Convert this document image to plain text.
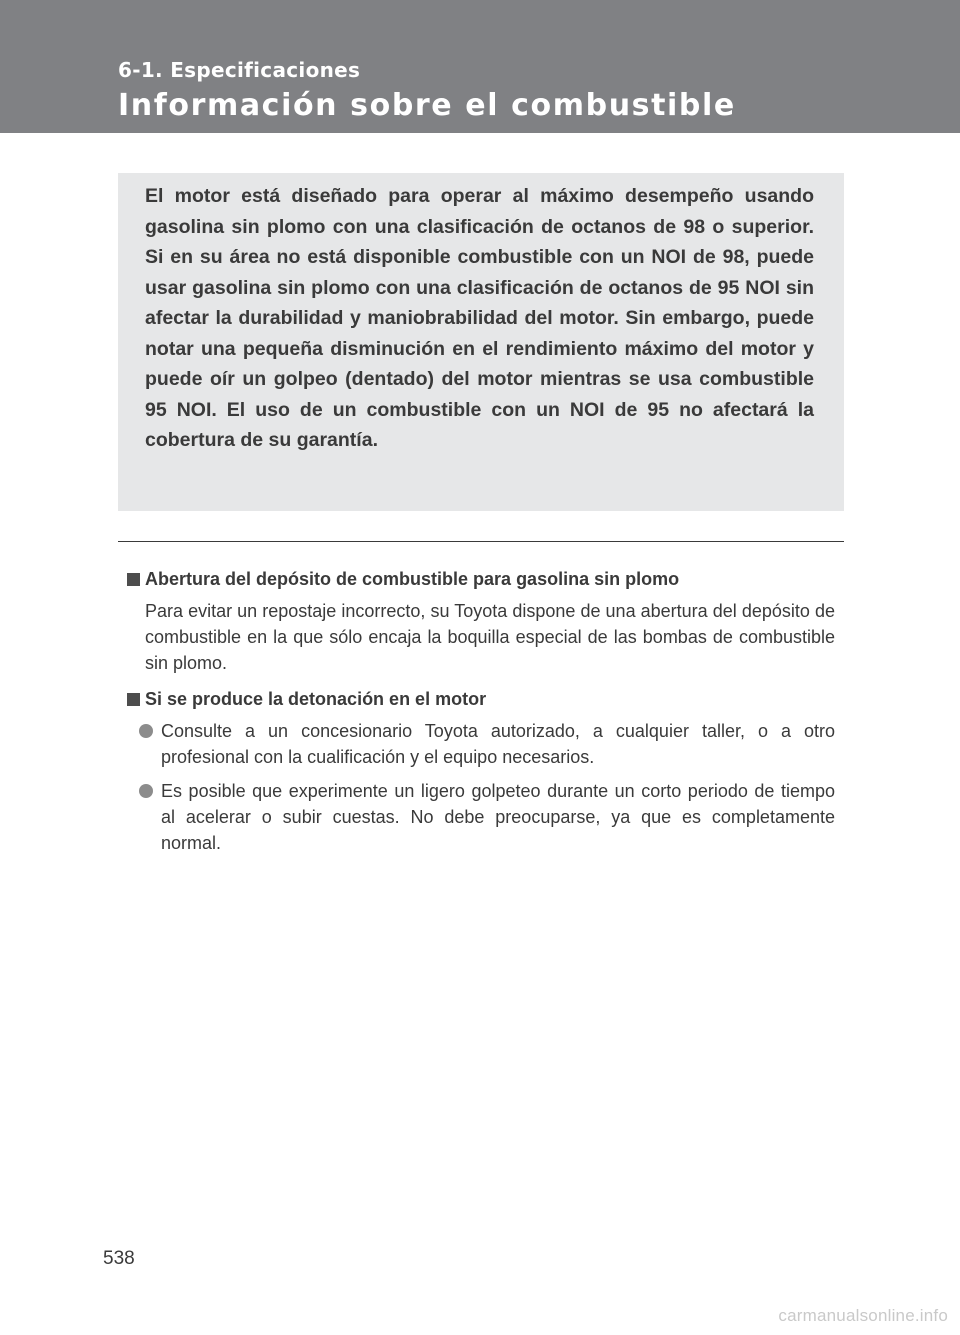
6-1. Especificaciones
Información sobre el combustible

El motor está diseñado para operar al máximo desempeño usando gasolina sin plomo con una clasificación de octanos de 98 o superior. Si en su área no está disponible combustible con un NOI de 98, puede usar gasolina sin plomo con una clasificación de octanos de 95 NOI sin afectar la durabilidad y maniobrabilidad del motor. Sin embargo, puede notar una pequeña disminución en el rendimiento máximo del motor y puede oír un golpeo (dentado) del motor mientras se usa combustible 95 NOI. El uso de un combustible con un NOI de 95 no afectará la cobertura de su garantía.

Abertura del depósito de combustible para gasolina sin plomo

Para evitar un repostaje incorrecto, su Toyota dispone de una abertura del depósito de combustible en la que sólo encaja la boquilla especial de las bombas de combustible sin plomo.

Si se produce la detonación en el motor
Consulte a un concesionario Toyota autorizado, a cualquier taller, o a otro profesional con la cualificación y el equipo necesarios.
Es posible que experimente un ligero golpeteo durante un corto periodo de tiempo al acelerar o subir cuestas. No debe preocuparse, ya que es completamente normal.
538
carmanualsonline.info
